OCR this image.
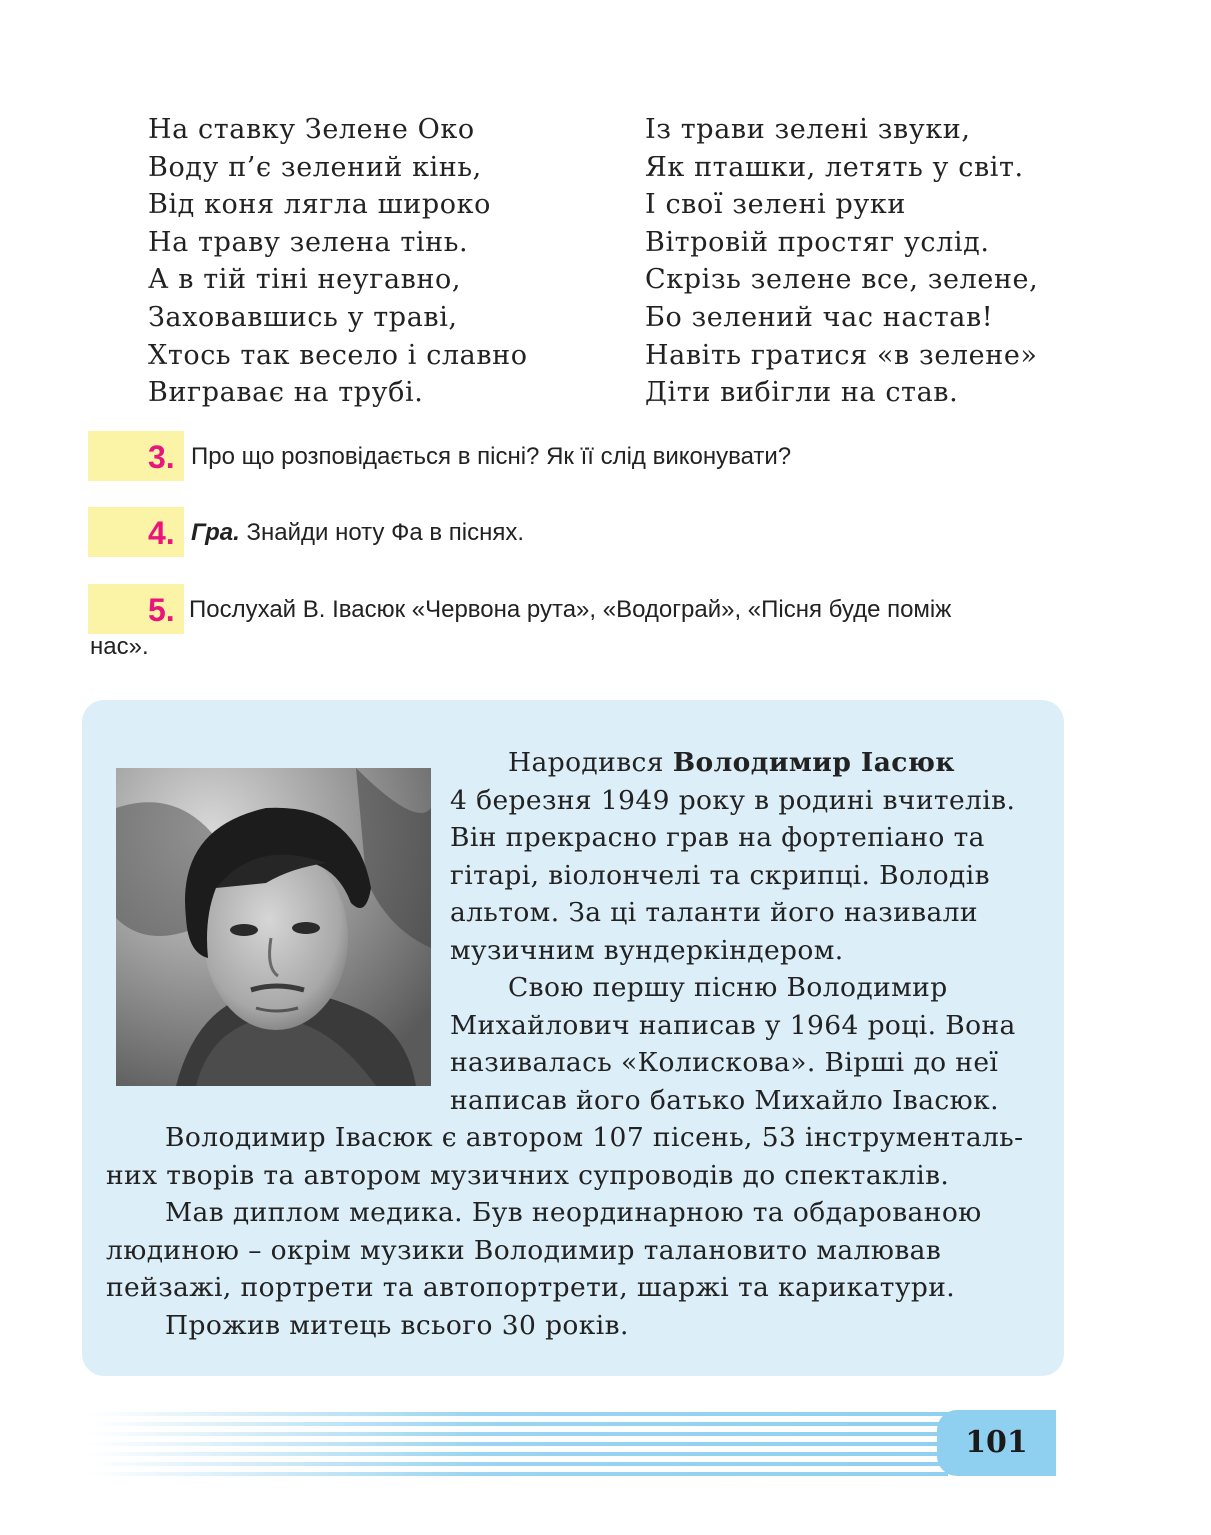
На ставку Зелене Око
Воду п’є зелений кінь,
Від коня лягла широко
На траву зелена тінь.
А в тій тіні неугавно,
Заховавшись у траві,
Хтось так весело і славно
Вигравaє на трубі.
Із трави зелені звуки,
Як пташки, летять у світ.
І свої зелені руки
Вітровій простяг услід.
Скрізь зелене все, зелене,
Бо зелений час настав!
Навіть гратися «в зелене»
Діти вибігли на став.
3. Про що розповідається в пісні? Як її слід виконувати?
4. Гра. Знайди ноту Фа в піснях.
5. Послухай В. Івасюк «Червона рута», «Водограй», «Пісня буде поміж
нас».
Народився Володимир Іасюк
4 березня 1949 року в родині вчителів.
Він прекрасно грав на фортепіано та
гітарі, віолончелі та скрипці. Володів
альтом. За ці таланти його називали
музичним вундеркіндером.
Свою першу пісню Володимир
Михайлович написав у 1964 році. Вона
називалась «Колискова». Вірші до неї
написав його батько Михайло Івасюк.
Володимир Івасюк є автором 107 пісень, 53 інструменталь-
них творів та автором музичних супроводів до спектаклів.
Мав диплом медика. Був неординарною та обдарованою
людиною – окрім музики Володимир талановито малював
пейзажі, портрети та автопортрети, шаржі та карикатури.
Прожив митець всього 30 років.
101
